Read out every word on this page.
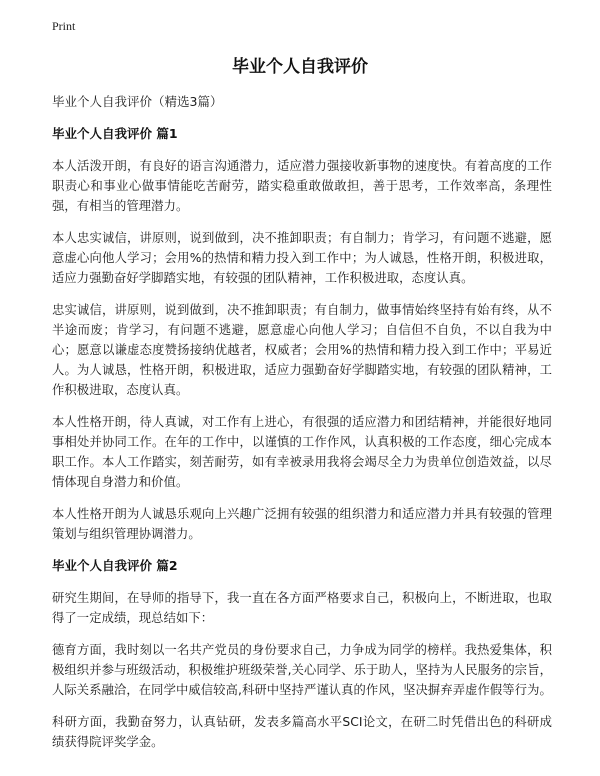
Print
毕业个人自我评价

毕业个人自我评价（精选3篇）

毕业个人自我评价 篇1

本人活泼开朗，有良好的语言沟通潜力，适应潜力强接收新事物的速度快。有着高度的工作职责心和事业心做事情能吃苦耐劳，踏实稳重敢做敢担，善于思考，工作效率高，条理性强，有相当的管理潜力。

本人忠实诚信，讲原则，说到做到，决不推卸职责；有自制力；肯学习，有问题不逃避，愿意虚心向他人学习；会用%的热情和精力投入到工作中；为人诚恳，性格开朗，积极进取，适应力强勤奋好学脚踏实地，有较强的团队精神，工作积极进取，态度认真。

忠实诚信，讲原则，说到做到，决不推卸职责；有自制力，做事情始终坚持有始有终，从不半途而废；肯学习，有问题不逃避，愿意虚心向他人学习；自信但不自负，不以自我为中心；愿意以谦虚态度赞扬接纳优越者，权威者；会用%的热情和精力投入到工作中；平易近人。为人诚恳，性格开朗，积极进取，适应力强勤奋好学脚踏实地，有较强的团队精神，工作积极进取，态度认真。

本人性格开朗，待人真诚，对工作有上进心，有很强的适应潜力和团结精神，并能很好地同事相处并协同工作。在年的工作中，以谨慎的工作作风，认真积极的工作态度，细心完成本职工作。本人工作踏实，刻苦耐劳，如有幸被录用我将会竭尽全力为贵单位创造效益，以尽情体现自身潜力和价值。

本人性格开朗为人诚恳乐观向上兴趣广泛拥有较强的组织潜力和适应潜力并具有较强的管理策划与组织管理协调潜力。

毕业个人自我评价 篇2

研究生期间，在导师的指导下，我一直在各方面严格要求自己，积极向上，不断进取，也取得了一定成绩，现总结如下：

德育方面，我时刻以一名共产党员的身份要求自己，力争成为同学的榜样。我热爱集体，积极组织并参与班级活动，积极维护班级荣誉,关心同学、乐于助人，坚持为人民服务的宗旨，人际关系融洽，在同学中威信较高,科研中坚持严谨认真的作风，坚决摒弃弄虚作假等行为。

科研方面，我勤奋努力，认真钻研，发表多篇高水平SCI论文，在研二时凭借出色的科研成绩获得院评奖学金。
